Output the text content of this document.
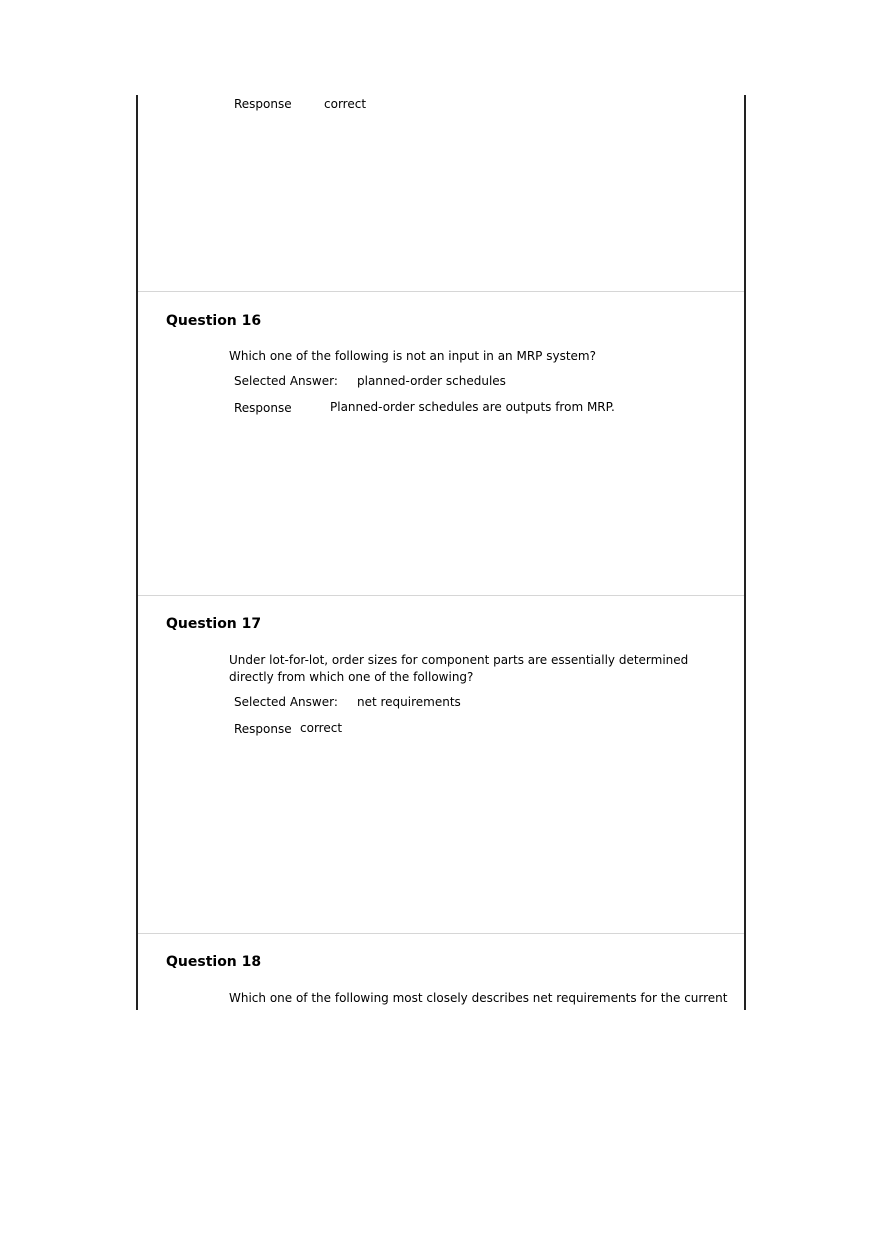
Response	correct
Question 16
Which one of the following is not an input in an MRP system?
Selected Answer: planned-order schedules
Response	Planned-order schedules are outputs from MRP.
Question 17
Under lot-for-lot, order sizes for component parts are essentially determined directly from which one of the following?
Selected Answer: net requirements
Response correct
Question 18
Which one of the following most closely describes net requirements for the current
